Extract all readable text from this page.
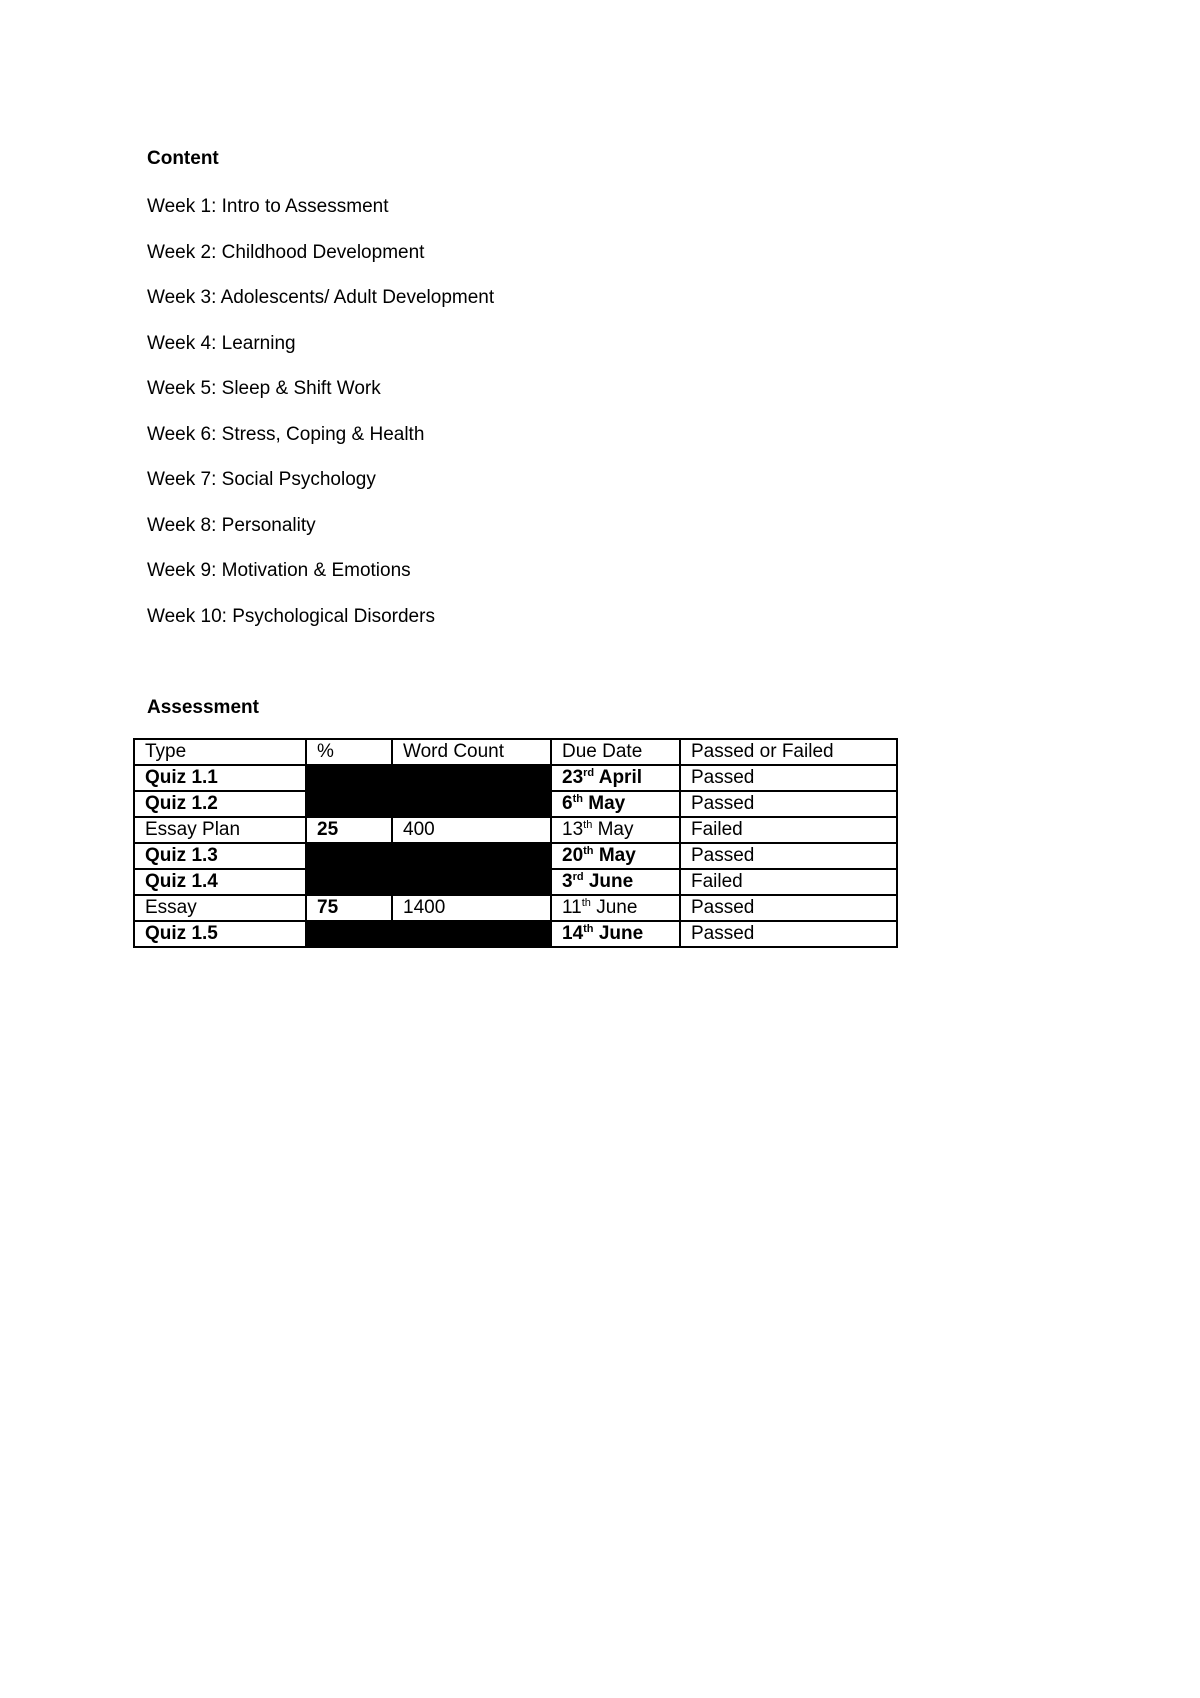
Content
Week 1: Intro to Assessment
Week 2: Childhood Development
Week 3: Adolescents/ Adult Development
Week 4: Learning
Week 5: Sleep & Shift Work
Week 6: Stress, Coping & Health
Week 7: Social Psychology
Week 8: Personality
Week 9: Motivation & Emotions
Week 10: Psychological Disorders
Assessment
Type	%	Word Count	Due Date	Passed or Failed
Quiz 1.1			23rd April	Passed
Quiz 1.2			6th May	Passed
Essay Plan	25	400	13th May	Failed
Quiz 1.3			20th May	Passed
Quiz 1.4			3rd June	Failed
Essay	75	1400	11th June	Passed
Quiz 1.5			14th June	Passed
